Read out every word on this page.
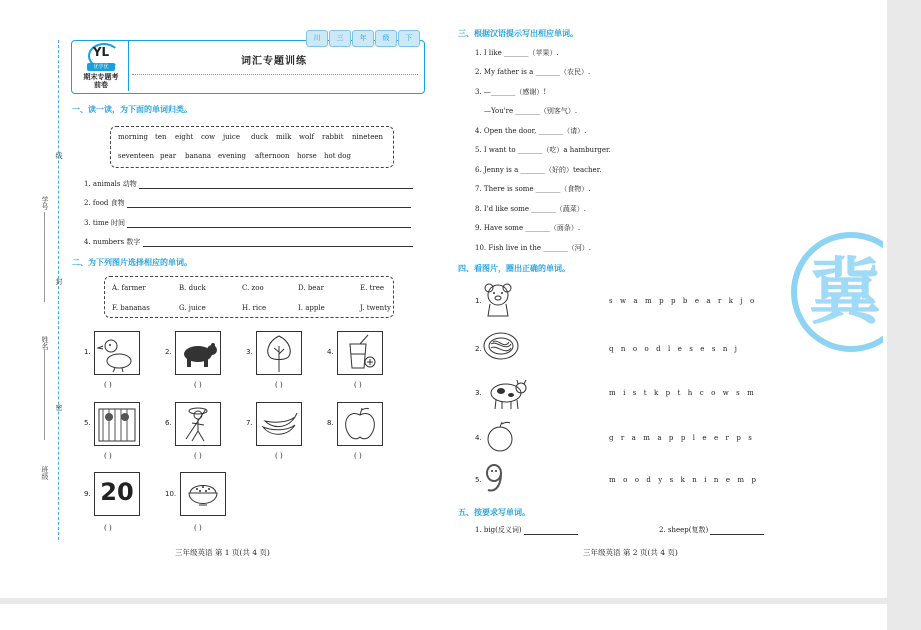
线
学号
封
姓名
密
班级
YL
优学优
期末专题考前卷
词汇专题训练
川	三	年	级	下
一、读一读，为下面的单词归类。
morning ten eight cow juice duck milk wolf rabbit nineteen
seventeen pear banana evening afternoon horse hot dog
1. animals 动物
2. food 食物
3. time 时间
4. numbers 数字
二、为下列图片选择相应的单词。
A. farmer	B. duck	C. zoo	D. bear	E. tree
F. bananas	G. juice	H. rice	I. apple	J. twenty
1.	2.	3.	4.
( )	( )	( )	( )
5.	6.	7.	8.
( )	( )	( )	( )
9. 20	10.
( )	( )
三年级英语 第 1 页(共 4 页)
三、根据汉语提示写出相应单词。
1. I like _______（苹果）.
2. My father is a _______（农民）.
3. —_______（感谢）!
—You're _______（别客气）.
4. Open the door, _______（请）.
5. I want to _______（吃）a hamburger.
6. Jenny is a _______（好的）teacher.
7. There is some _______（食物）.
8. I'd like some _______（蔬菜）.
9. Have some _______（面条）.
10. Fish live in the _______（河）.
四、看图片，圈出正确的单词。
1.	s w a m p p b e a r k j o
2.	q n o o d l e s e s n j
3.	m i s t k p t h c o w s m
4.	g r a m a p p l e e r p s
5.	m o o d y s k n i n e m p
五、按要求写单词。
1. big(反义词)	2. sheep(复数)
三年级英语 第 2 页(共 4 页)
冀
